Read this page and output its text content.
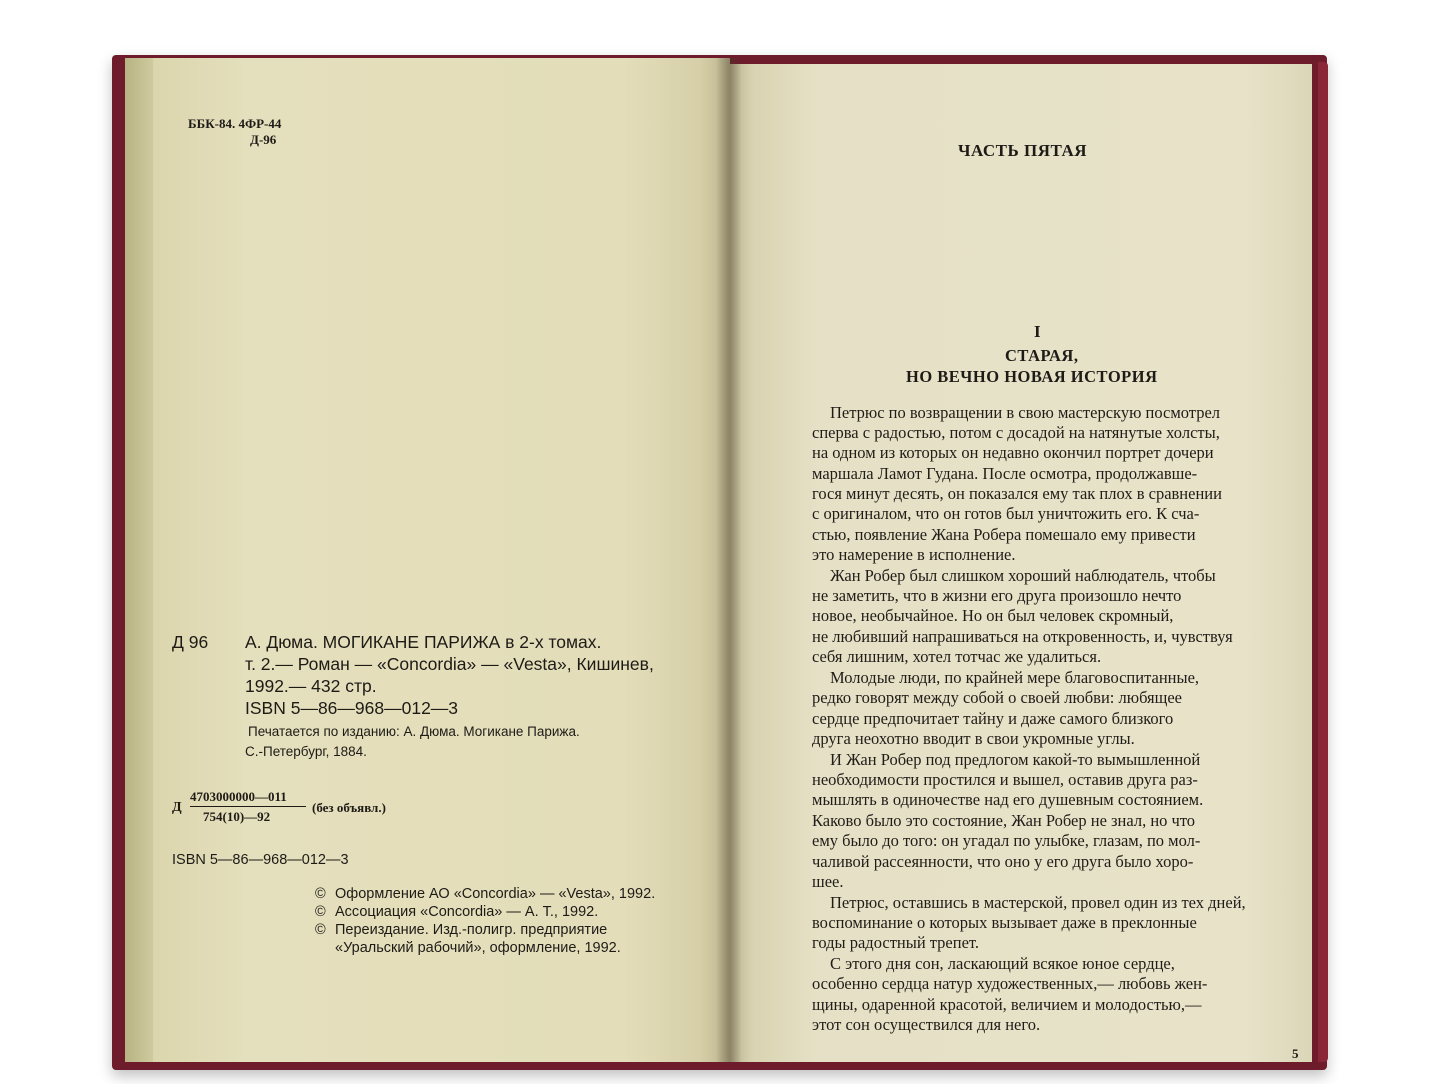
ББК-84. 4ФР-44
Д-96
Д 96 А. Дюма. МОГИКАНЕ ПАРИЖА в 2-х томах.
т. 2.— Роман — «Concordia» — «Vesta», Кишинев,
1992.— 432 стр.
ISBN 5—86—968—012—3
Печатается по изданию: А. Дюма. Могикане Парижа.
С.-Петербург, 1884.
Д
4703000000—011
754(10)—92
(без объявл.)
ISBN 5—86—968—012—3
© Оформление АО «Concordia» — «Vesta», 1992.
© Ассоциация «Concordia» — А. Т., 1992.
© Переиздание. Изд.-полигр. предприятие
«Уральский рабочий», оформление, 1992.
ЧАСТЬ ПЯТАЯ
I
СТАРАЯ,
НО ВЕЧНО НОВАЯ ИСТОРИЯ
Петрюс по возвращении в свою мастерскую посмотрел
сперва с радостью, потом с досадой на натянутые холсты,
на одном из которых он недавно окончил портрет дочери
маршала Ламот Гудана. После осмотра, продолжавше-
гося минут десять, он показался ему так плох в сравнении
с оригиналом, что он готов был уничтожить его. К сча-
стью, появление Жана Робера помешало ему привести
это намерение в исполнение.
Жан Робер был слишком хороший наблюдатель, чтобы
не заметить, что в жизни его друга произошло нечто
новое, необычайное. Но он был человек скромный,
не любивший напрашиваться на откровенность, и, чувствуя
себя лишним, хотел тотчас же удалиться.
Молодые люди, по крайней мере благовоспитанные,
редко говорят между собой о своей любви: любящее
сердце предпочитает тайну и даже самого близкого
друга неохотно вводит в свои укромные углы.
И Жан Робер под предлогом какой-то вымышленной
необходимости простился и вышел, оставив друга раз-
мышлять в одиночестве над его душевным состоянием.
Каково было это состояние, Жан Робер не знал, но что
ему было до того: он угадал по улыбке, глазам, по мол-
чаливой рассеянности, что оно у его друга было хоро-
шее.
Петрюс, оставшись в мастерской, провел один из тех дней,
воспоминание о которых вызывает даже в преклонные
годы радостный трепет.
С этого дня сон, ласкающий всякое юное сердце,
особенно сердца натур художественных,— любовь жен-
щины, одаренной красотой, величием и молодостью,—
этот сон осуществился для него.
5
